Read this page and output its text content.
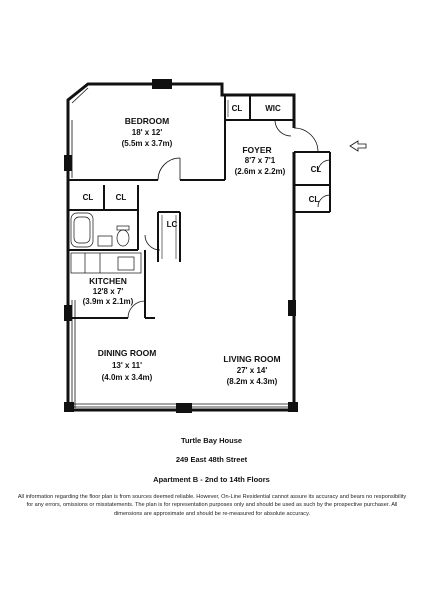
BEDROOM
18' x 12'
(5.5m x 3.7m)
FOYER
8'7 x 7'1
(2.6m x 2.2m)
KITCHEN
12'8 x 7'
(3.9m x 2.1m)
DINING ROOM
13' x 11'
(4.0m x 3.4m)
LIVING ROOM
27' x 14'
(8.2m x 4.3m)
CL	WIC
CL
CL
CL	CL
LC
Turtle Bay House
249 East 48th Street
Apartment B - 2nd to 14th Floors
All information regarding the floor plan is from sources deemed reliable. However, On-Line Residential cannot assure its accuracy and bears no responsibility for any errors, omissions or misstatements. The plan is for representation purposes only and should be used as such by the prospective purchaser. All dimensions are approximate and should be re-measured for absolute accuracy.
